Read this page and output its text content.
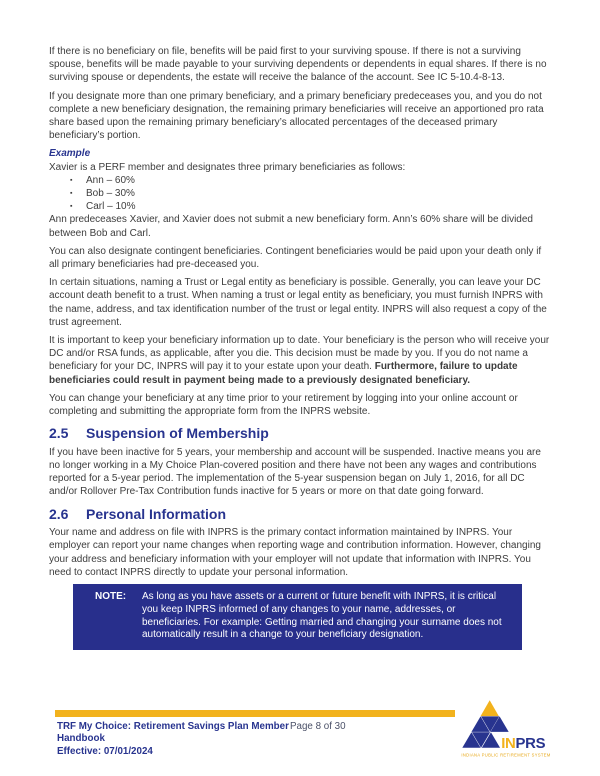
If there is no beneficiary on file, benefits will be paid first to your surviving spouse. If there is not a surviving spouse, benefits will be made payable to your surviving dependents or dependents in equal shares. If there is no surviving spouse or dependents, the estate will receive the balance of the account. See IC 5-10.4-8-13.

If you designate more than one primary beneficiary, and a primary beneficiary predeceases you, and you do not complete a new beneficiary designation, the remaining primary beneficiaries will receive an apportioned pro rata share based upon the remaining primary beneficiary’s allocated percentages of the deceased primary beneficiary’s portion.

Example

Xavier is a PERF member and designates three primary beneficiaries as follows:

▪	Ann – 60%
▪	Bob – 30%
▪	Carl – 10%

Ann predeceases Xavier, and Xavier does not submit a new beneficiary form. Ann’s 60% share will be divided between Bob and Carl.

You can also designate contingent beneficiaries. Contingent beneficiaries would be paid upon your death only if all primary beneficiaries had pre-deceased you.

In certain situations, naming a Trust or Legal entity as beneficiary is possible. Generally, you can leave your DC account death benefit to a trust. When naming a trust or legal entity as beneficiary, you must furnish INPRS with the name, address, and tax identification number of the trust or legal entity. INPRS will also request a copy of the trust agreement.

It is important to keep your beneficiary information up to date. Your beneficiary is the person who will receive your DC and/or RSA funds, as applicable, after you die. This decision must be made by you. If you do not name a beneficiary for your DC, INPRS will pay it to your estate upon your death. Furthermore, failure to update beneficiaries could result in payment being made to a previously designated beneficiary.

You can change your beneficiary at any time prior to your retirement by logging into your online account or completing and submitting the appropriate form from the INPRS website.

2.5	Suspension of Membership

If you have been inactive for 5 years, your membership and account will be suspended. Inactive means you are no longer working in a My Choice Plan-covered position and there have not been any wages and contributions reported for a 5-year period. The implementation of the 5-year suspension began on July 1, 2016, for all DC and/or Rollover Pre-Tax Contribution funds inactive for 5 years or more on that date going forward.

2.6	Personal Information

Your name and address on file with INPRS is the primary contact information maintained by INPRS. Your employer can report your name changes when reporting wage and contribution information. However, changing your address and beneficiary information with your employer will not update that information with INPRS. You need to contact INPRS directly to update your personal information.

NOTE:	As long as you have assets or a current or future benefit with INPRS, it is critical you keep INPRS informed of any changes to your name, addresses, or beneficiaries. For example: Getting married and changing your surname does not automatically result in a change to your beneficiary designation.
TRF My Choice: Retirement Savings Plan Member Handbook
Effective: 07/01/2024
Page 8 of 30
INPRS
INDIANA PUBLIC RETIREMENT SYSTEM
